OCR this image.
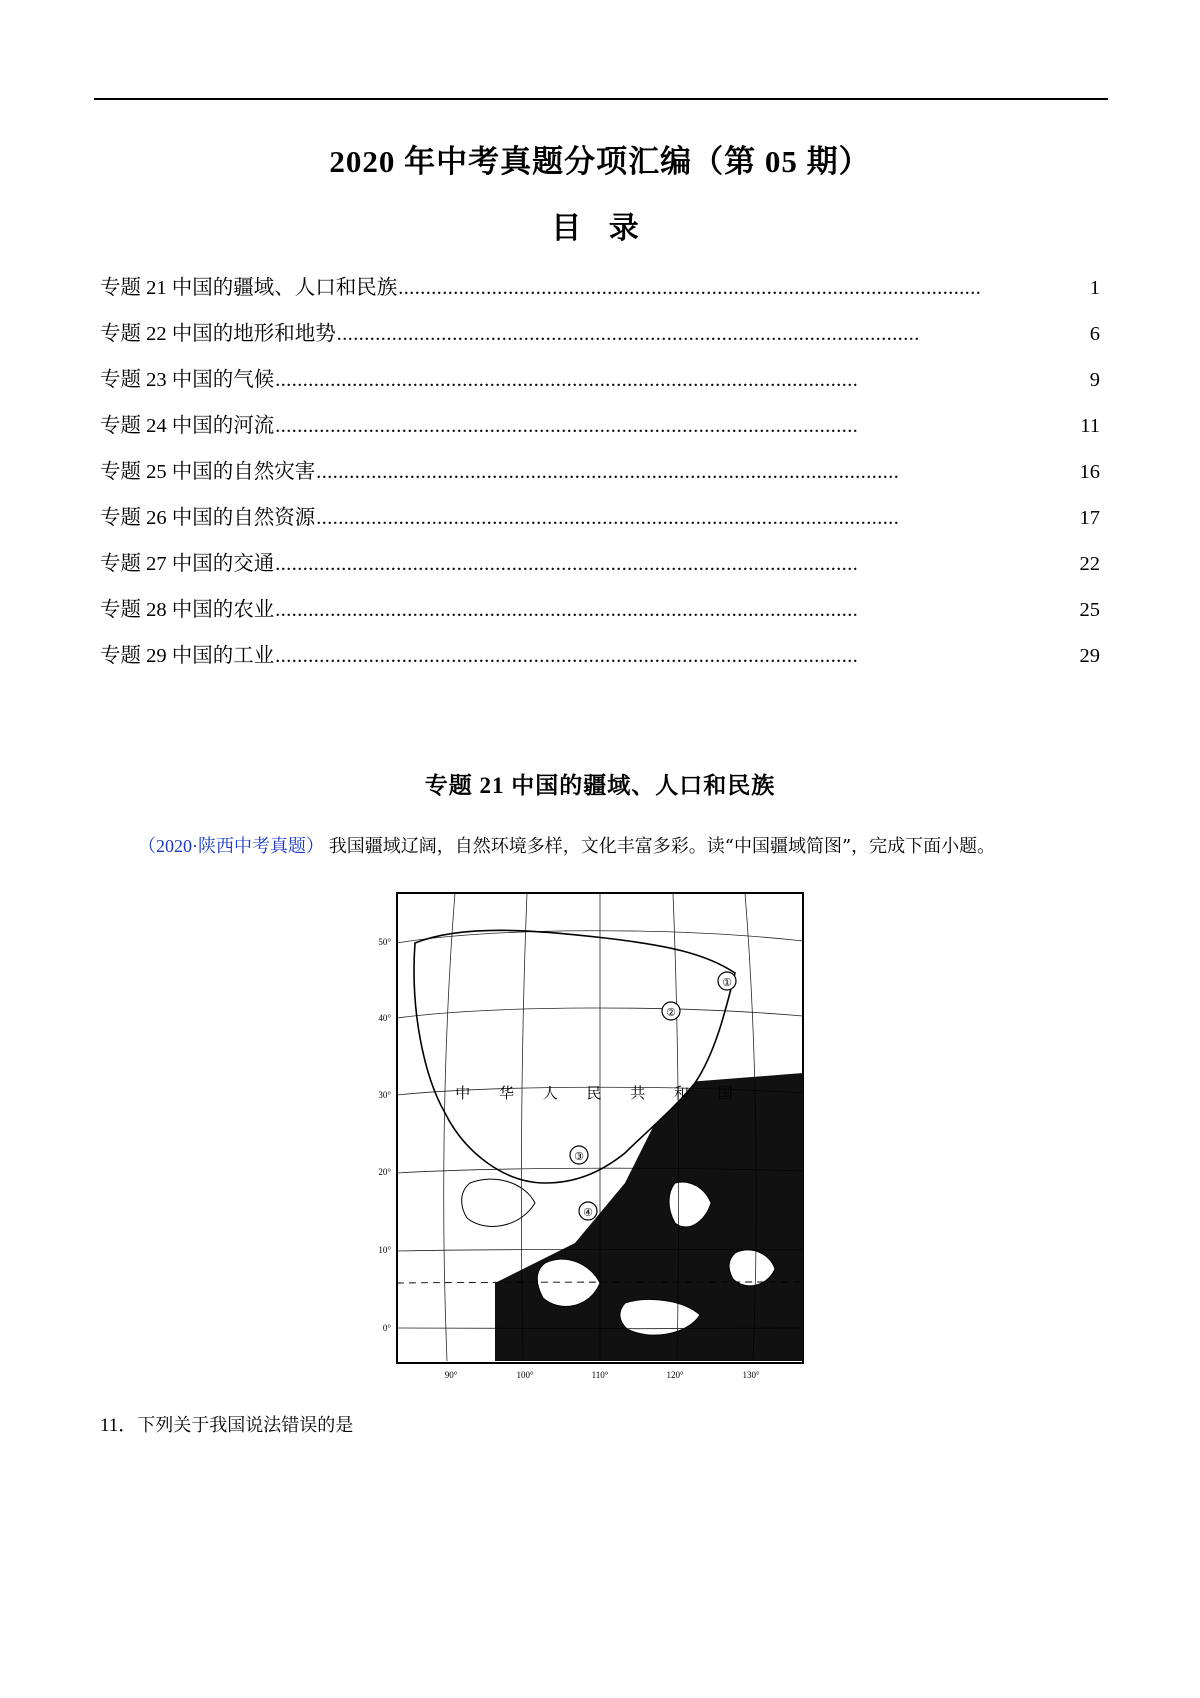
2020 年中考真题分项汇编（第 05 期）
目 录
专题 21 中国的疆域、人口和民族 ..........................................................................................................	1
专题 22 中国的地形和地势 ..........................................................................................................	6
专题 23 中国的气候 ..........................................................................................................	9
专题 24 中国的河流 ..........................................................................................................	11
专题 25 中国的自然灾害 ..........................................................................................................	16
专题 26 中国的自然资源 ..........................................................................................................	17
专题 27 中国的交通 ..........................................................................................................	22
专题 28 中国的农业 ..........................................................................................................	25
专题 29 中国的工业 ..........................................................................................................	29
专题 21 中国的疆域、人口和民族
（2020·陕西中考真题） 我国疆域辽阔，自然环境多样，文化丰富多彩。读“中国疆域简图”，完成下面小题。
中 华 人 民 共 和 国
①
②
③
④
50°
40°
30°
20°
10°
0°
90°	100°	110°	120°	130°
11．下列关于我国说法错误的是
